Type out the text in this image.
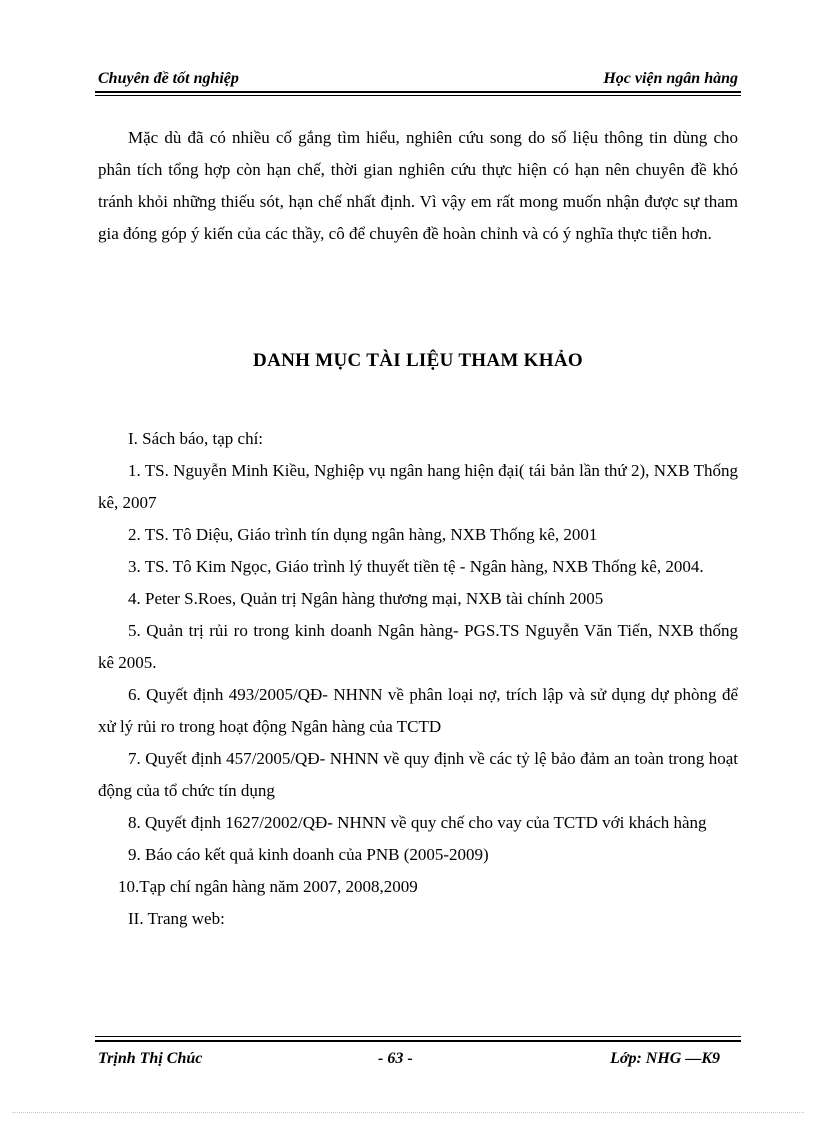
Chuyên đề tốt nghiệp	Học viện ngân hàng

Mặc dù đã có nhiều cố gắng tìm hiểu, nghiên cứu song do số liệu thông tin dùng cho phân tích tổng hợp còn hạn chế, thời gian nghiên cứu thực hiện có hạn nên chuyên đề khó tránh khỏi những thiếu sót, hạn chế nhất định. Vì vậy em rất mong muốn nhận được sự tham gia đóng góp ý kiến của các thầy, cô để chuyên đề hoàn chỉnh và có ý nghĩa thực tiễn hơn.

DANH MỤC TÀI LIỆU THAM KHẢO

I. Sách báo, tạp chí:

1. TS. Nguyễn Minh Kiều, Nghiệp vụ ngân hang hiện đại( tái bản lần thứ 2), NXB Thống kê, 2007

2. TS. Tô Diệu, Giáo trình tín dụng ngân hàng, NXB Thống kê, 2001

3. TS. Tô Kim Ngọc, Giáo trình lý thuyết tiền tệ - Ngân hàng, NXB Thống kê, 2004.

4. Peter S.Roes, Quản trị Ngân hàng thương mại, NXB tài chính 2005

5. Quản trị rủi ro trong kinh doanh Ngân hàng- PGS.TS Nguyễn Văn Tiến, NXB thống kê 2005.

6. Quyết định 493/2005/QĐ- NHNN về phân loại nợ, trích lập và sử dụng dự phòng để xử lý rủi ro trong hoạt động Ngân hàng của TCTD

7. Quyết định 457/2005/QĐ- NHNN về quy định về các tỷ lệ bảo đảm an toàn trong hoạt động của tổ chức tín dụng

8. Quyết định 1627/2002/QĐ- NHNN về quy chế cho vay của TCTD với khách hàng

9. Báo cáo kết quả kinh doanh của PNB (2005-2009)

10.Tạp chí ngân hàng năm 2007, 2008,2009

II. Trang web:

Trịnh Thị Chúc	- 63 -	Lớp: NHG —K9
